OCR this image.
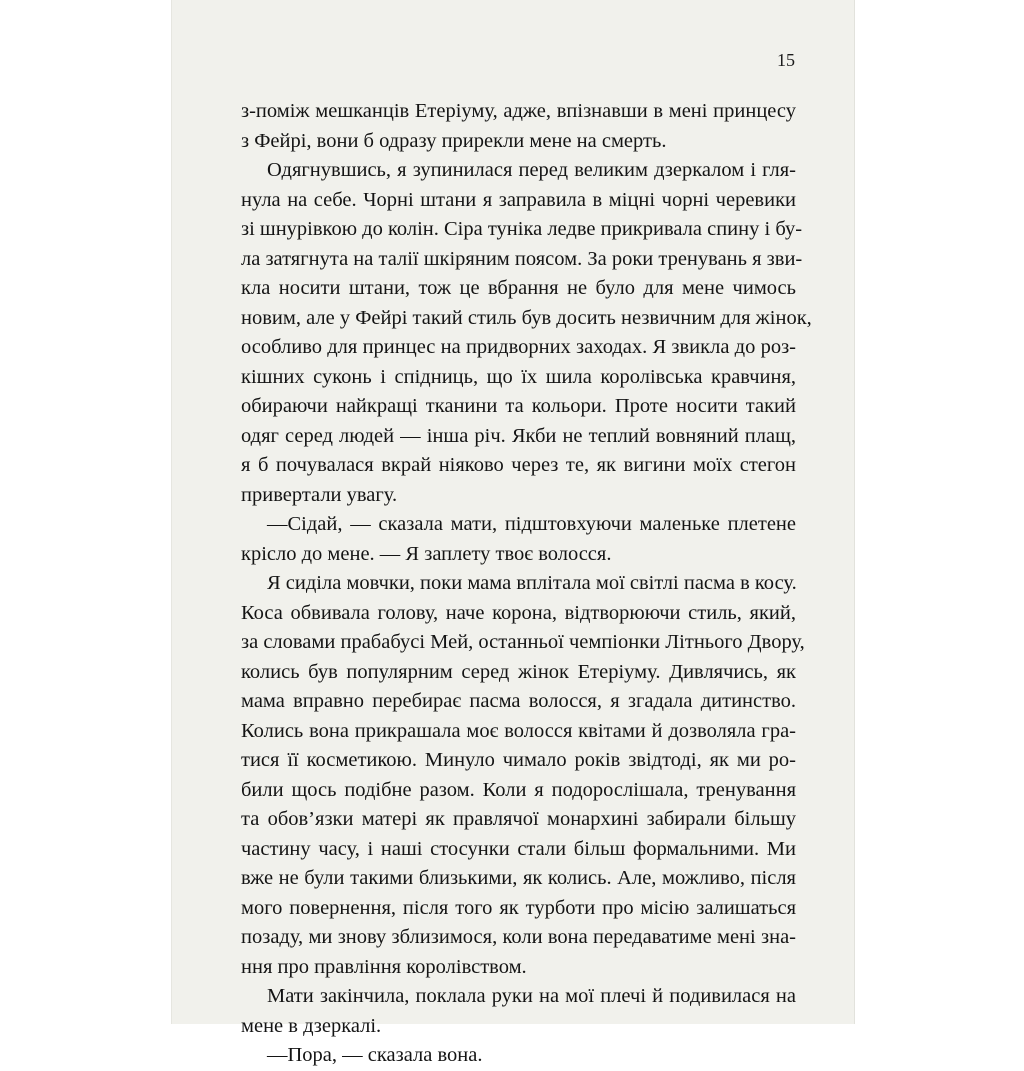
15
з-поміж мешканців Етеріуму, адже, впізнавши в мені принцесу
з Фейрі, вони б одразу прирекли мене на смерть.
Одягнувшись, я зупинилася перед великим дзеркалом і гля-
нула на себе. Чорні штани я заправила в міцні чорні черевики
зі шнурівкою до колін. Сіра туніка ледве прикривала спину і бу-
ла затягнута на талії шкіряним поясом. За роки тренувань я зви-
кла носити штани, тож це вбрання не було для мене чимось
новим, але у Фейрі такий стиль був досить незвичним для жінок,
особливо для принцес на придворних заходах. Я звикла до роз-
кішних суконь і спідниць, що їх шила королівська кравчиня,
обираючи найкращі тканини та кольори. Проте носити такий
одяг серед людей — інша річ. Якби не теплий вовняний плащ,
я б почувалася вкрай ніяково через те, як вигини моїх стегон
привертали увагу.
—Сідай, — сказала мати, підштовхуючи маленьке плетене
крісло до мене. — Я заплету твоє волосся.
Я сиділа мовчки, поки мама вплітала мої світлі пасма в косу.
Коса обвивала голову, наче корона, відтворюючи стиль, який,
за словами прабабусі Мей, останньої чемпіонки Літнього Двору,
колись був популярним серед жінок Етеріуму. Дивлячись, як
мама вправно перебирає пасма волосся, я згадала дитинство.
Колись вона прикрашала моє волосся квітами й дозволяла гра-
тися її косметикою. Минуло чимало років звідтоді, як ми ро-
били щось подібне разом. Коли я подорослішала, тренування
та обов’язки матері як правлячої монархині забирали більшу
частину часу, і наші стосунки стали більш формальними. Ми
вже не були такими близькими, як колись. Але, можливо, після
мого повернення, після того як турботи про місію залишаться
позаду, ми знову зблизимося, коли вона передаватиме мені зна-
ння про правління королівством.
Мати закінчила, поклала руки на мої плечі й подивилася на
мене в дзеркалі.
—Пора, — сказала вона.
